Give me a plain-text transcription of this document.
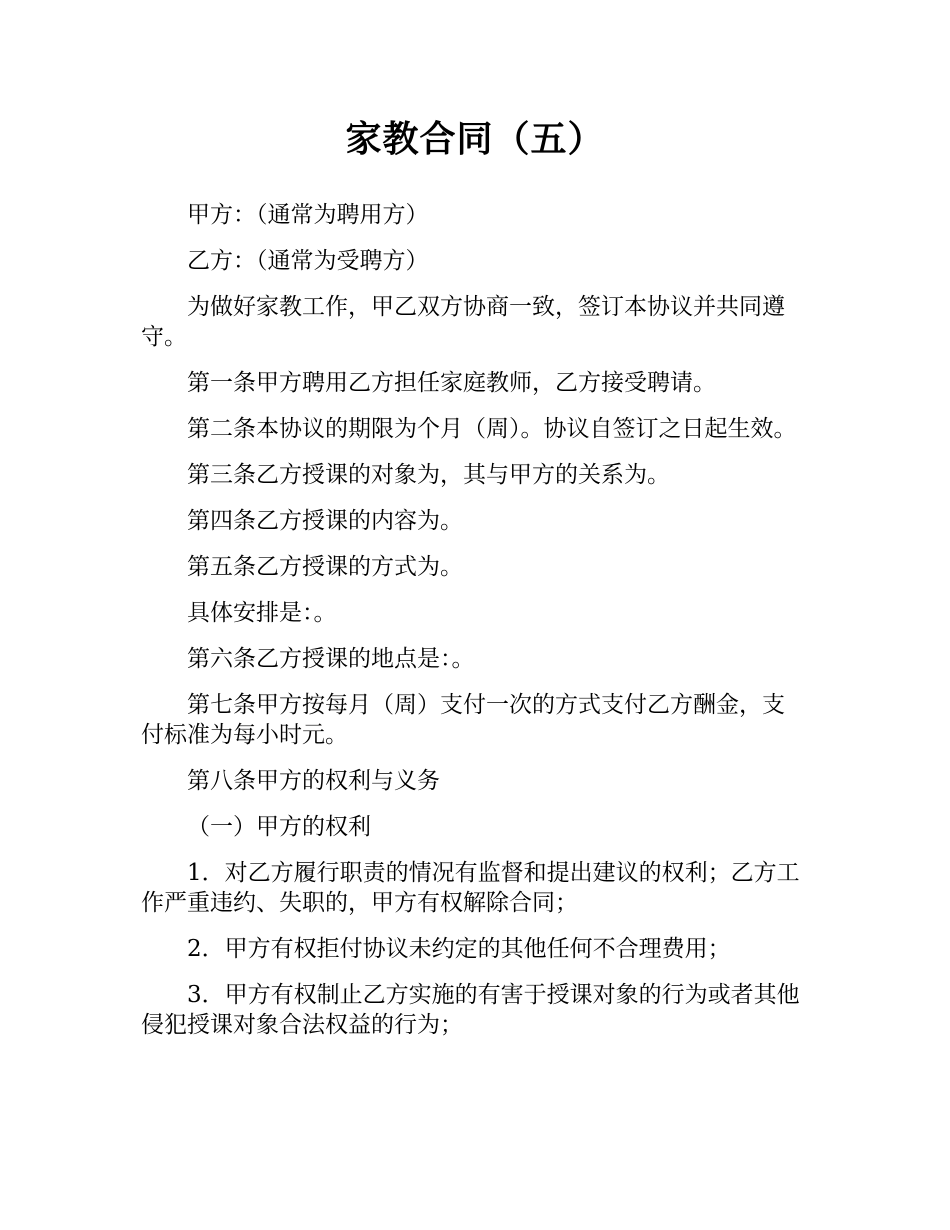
家教合同（五）

甲方：（通常为聘用方）

乙方：（通常为受聘方）

为做好家教工作，甲乙双方协商一致，签订本协议并共同遵守。

第一条甲方聘用乙方担任家庭教师，乙方接受聘请。

第二条本协议的期限为个月（周）。协议自签订之日起生效。

第三条乙方授课的对象为，其与甲方的关系为。

第四条乙方授课的内容为。

第五条乙方授课的方式为。

具体安排是：。

第六条乙方授课的地点是：。

第七条甲方按每月（周）支付一次的方式支付乙方酬金，支付标准为每小时元。

第八条甲方的权利与义务

（一）甲方的权利

1．对乙方履行职责的情况有监督和提出建议的权利；乙方工作严重违约、失职的，甲方有权解除合同；

2．甲方有权拒付协议未约定的其他任何不合理费用；

3．甲方有权制止乙方实施的有害于授课对象的行为或者其他侵犯授课对象合法权益的行为；
